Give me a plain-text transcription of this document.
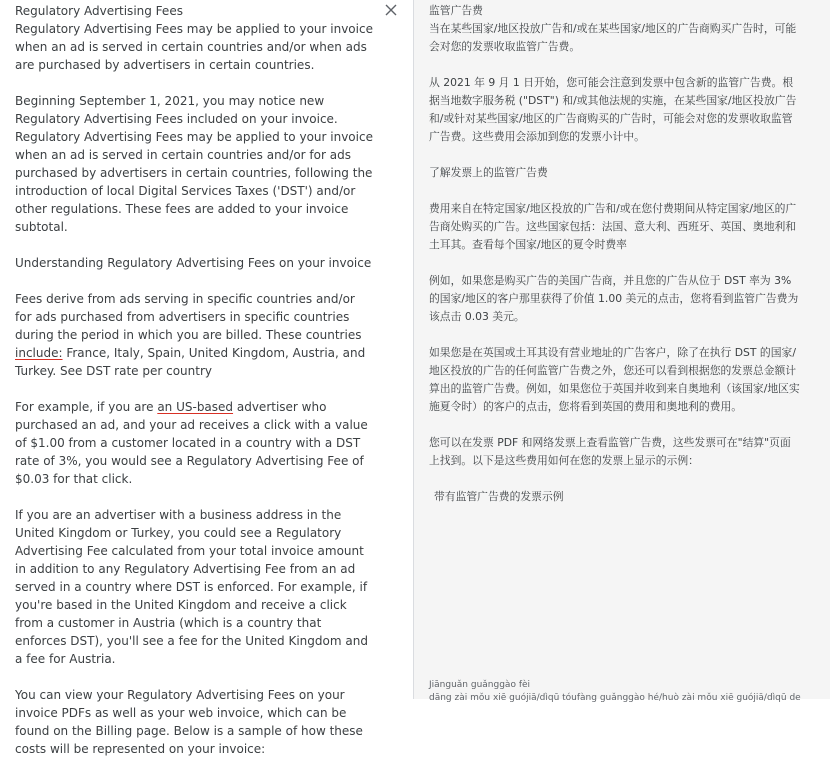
Regulatory Advertising Fees

Regulatory Advertising Fees may be applied to your invoice when an ad is served in certain countries and/or when ads are purchased by advertisers in certain countries.

Beginning September 1, 2021, you may notice new Regulatory Advertising Fees included on your invoice. Regulatory Advertising Fees may be applied to your invoice when an ad is served in certain countries and/or for ads purchased by advertisers in certain countries, following the introduction of local Digital Services Taxes ('DST') and/or other regulations. These fees are added to your invoice subtotal.

Understanding Regulatory Advertising Fees on your invoice

Fees derive from ads serving in specific countries and/or for ads purchased from advertisers in specific countries during the period in which you are billed. These countries include: France, Italy, Spain, United Kingdom, Austria, and Turkey. See DST rate per country

For example, if you are an US-based advertiser who purchased an ad, and your ad receives a click with a value of $1.00 from a customer located in a country with a DST rate of 3%, you would see a Regulatory Advertising Fee of $0.03 for that click.

If you are an advertiser with a business address in the United Kingdom or Turkey, you could see a Regulatory Advertising Fee calculated from your total invoice amount in addition to any Regulatory Advertising Fee from an ad served in a country where DST is enforced. For example, if you're based in the United Kingdom and receive a click from a customer in Austria (which is a country that enforces DST), you'll see a fee for the United Kingdom and a fee for Austria.

You can view your Regulatory Advertising Fees on your invoice PDFs as well as your web invoice, which can be found on the Billing page. Below is a sample of how these costs will be represented on your invoice:

监管广告费

当在某些国家/地区投放广告和/或在某些国家/地区的广告商购买广告时，可能会对您的发票收取监管广告费。

从 2021 年 9 月 1 日开始，您可能会注意到发票中包含新的监管广告费。根据当地数字服务税 ("DST") 和/或其他法规的实施，在某些国家/地区投放广告和/或针对某些国家/地区的广告商购买的广告时，可能会对您的发票收取监管广告费。这些费用会添加到您的发票小计中。

了解发票上的监管广告费

费用来自在特定国家/地区投放的广告和/或在您付费期间从特定国家/地区的广告商处购买的广告。这些国家包括：法国、意大利、西班牙、英国、奥地利和土耳其。查看每个国家/地区的夏令时费率

例如，如果您是购买广告的美国广告商，并且您的广告从位于 DST 率为 3% 的国家/地区的客户那里获得了价值 1.00 美元的点击，您将看到监管广告费为该点击 0.03 美元。

如果您是在英国或土耳其设有营业地址的广告客户，除了在执行 DST 的国家/地区投放的广告的任何监管广告费之外，您还可以看到根据您的发票总金额计算出的监管广告费。例如，如果您位于英国并收到来自奥地利（该国家/地区实施夏令时）的客户的点击，您将看到英国的费用和奥地利的费用。

您可以在发票 PDF 和网络发票上查看监管广告费，这些发票可在"结算"页面上找到。以下是这些费用如何在您的发票上显示的示例：

带有监管广告费的发票示例

Jiānguǎn guǎnggào fèi
dāng zài mǒu xiē guójiā/dìqū tóufàng guǎnggào hé/huò zài mǒu xiē guójiā/dìqū de
